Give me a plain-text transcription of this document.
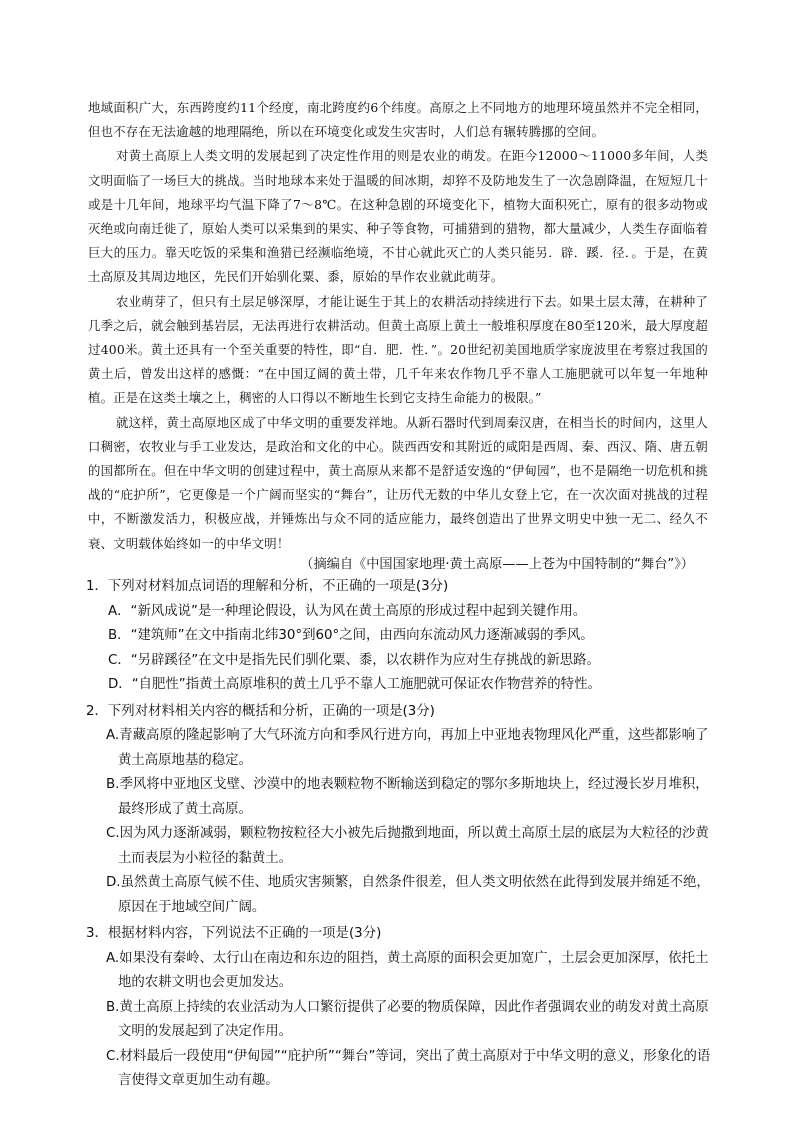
地域面积广大，东西跨度约11个经度，南北跨度约6个纬度。高原之上不同地方的地理环境虽然并不完全相同，但也不存在无法逾越的地理隔绝，所以在环境变化或发生灾害时，人们总有辗转腾挪的空间。

对黄土高原上人类文明的发展起到了决定性作用的则是农业的萌发。在距今12000～11000多年间，人类文明面临了一场巨大的挑战。当时地球本来处于温暖的间冰期，却猝不及防地发生了一次急剧降温，在短短几十或是十几年间，地球平均气温下降了7～8℃。在这种急剧的环境变化下，植物大面积死亡，原有的很多动物或灭绝或向南迁徙了，原始人类可以采集到的果实、种子等食物，可捕猎到的猎物，都大量减少，人类生存面临着巨大的压力。靠天吃饭的采集和渔猎已经濒临绝境，不甘心就此灭亡的人类只能另．辟．蹊．径．。于是，在黄土高原及其周边地区，先民们开始驯化粟、黍，原始的旱作农业就此萌芽。

农业萌芽了，但只有土层足够深厚，才能让诞生于其上的农耕活动持续进行下去。如果土层太薄，在耕种了几季之后，就会触到基岩层，无法再进行农耕活动。但黄土高原上黄土一般堆积厚度在80至120米，最大厚度超过400米。黄土还具有一个至关重要的特性，即“自．肥．性．”。20世纪初美国地质学家庞波里在考察过我国的黄土后，曾发出这样的感慨：“在中国辽阔的黄土带，几千年来农作物几乎不靠人工施肥就可以年复一年地种植。正是在这类土壤之上，稠密的人口得以不断地生长到它支持生命能力的极限。”

就这样，黄土高原地区成了中华文明的重要发祥地。从新石器时代到周秦汉唐，在相当长的时间内，这里人口稠密，农牧业与手工业发达，是政治和文化的中心。陕西西安和其附近的咸阳是西周、秦、西汉、隋、唐五朝的国都所在。但在中华文明的创建过程中，黄土高原从来都不是舒适安逸的“伊甸园”，也不是隔绝一切危机和挑战的“庇护所”，它更像是一个广阔而坚实的“舞台”，让历代无数的中华儿女登上它，在一次次面对挑战的过程中，不断激发活力，积极应战，并锤炼出与众不同的适应能力，最终创造出了世界文明史中独一无二、经久不衰、文明载体始终如一的中华文明！

（摘编自《中国国家地理·黄土高原——上苍为中国特制的“舞台”》）
1．下列对材料加点词语的理解和分析，不正确的一项是(3分)
A．“新风成说”是一种理论假设，认为风在黄土高原的形成过程中起到关键作用。
B．“建筑师”在文中指南北纬30°到60°之间，由西向东流动风力逐渐减弱的季风。
C．“另辟蹊径”在文中是指先民们驯化粟、黍，以农耕作为应对生存挑战的新思路。
D．“自肥性”指黄土高原堆积的黄土几乎不靠人工施肥就可保证农作物营养的特性。
2．下列对材料相关内容的概括和分析，正确的一项是(3分)
A.青藏高原的隆起影响了大气环流方向和季风行进方向，再加上中亚地表物理风化严重，这些都影响了黄土高原地基的稳定。
B.季风将中亚地区戈壁、沙漠中的地表颗粒物不断输送到稳定的鄂尔多斯地块上，经过漫长岁月堆积，最终形成了黄土高原。
C.因为风力逐渐减弱，颗粒物按粒径大小被先后抛撒到地面，所以黄土高原土层的底层为大粒径的沙黄土而表层为小粒径的黏黄土。
D.虽然黄土高原气候不佳、地质灾害频繁，自然条件很差，但人类文明依然在此得到发展并绵延不绝，原因在于地域空间广阔。
3．根据材料内容，下列说法不正确的一项是(3分)
A.如果没有秦岭、太行山在南边和东边的阻挡，黄土高原的面积会更加宽广，土层会更加深厚，依托土地的农耕文明也会更加发达。
B.黄土高原上持续的农业活动为人口繁衍提供了必要的物质保障，因此作者强调农业的萌发对黄土高原文明的发展起到了决定作用。
C.材料最后一段使用“伊甸园”“庇护所”“舞台”等词，突出了黄土高原对于中华文明的意义，形象化的语言使得文章更加生动有趣。
